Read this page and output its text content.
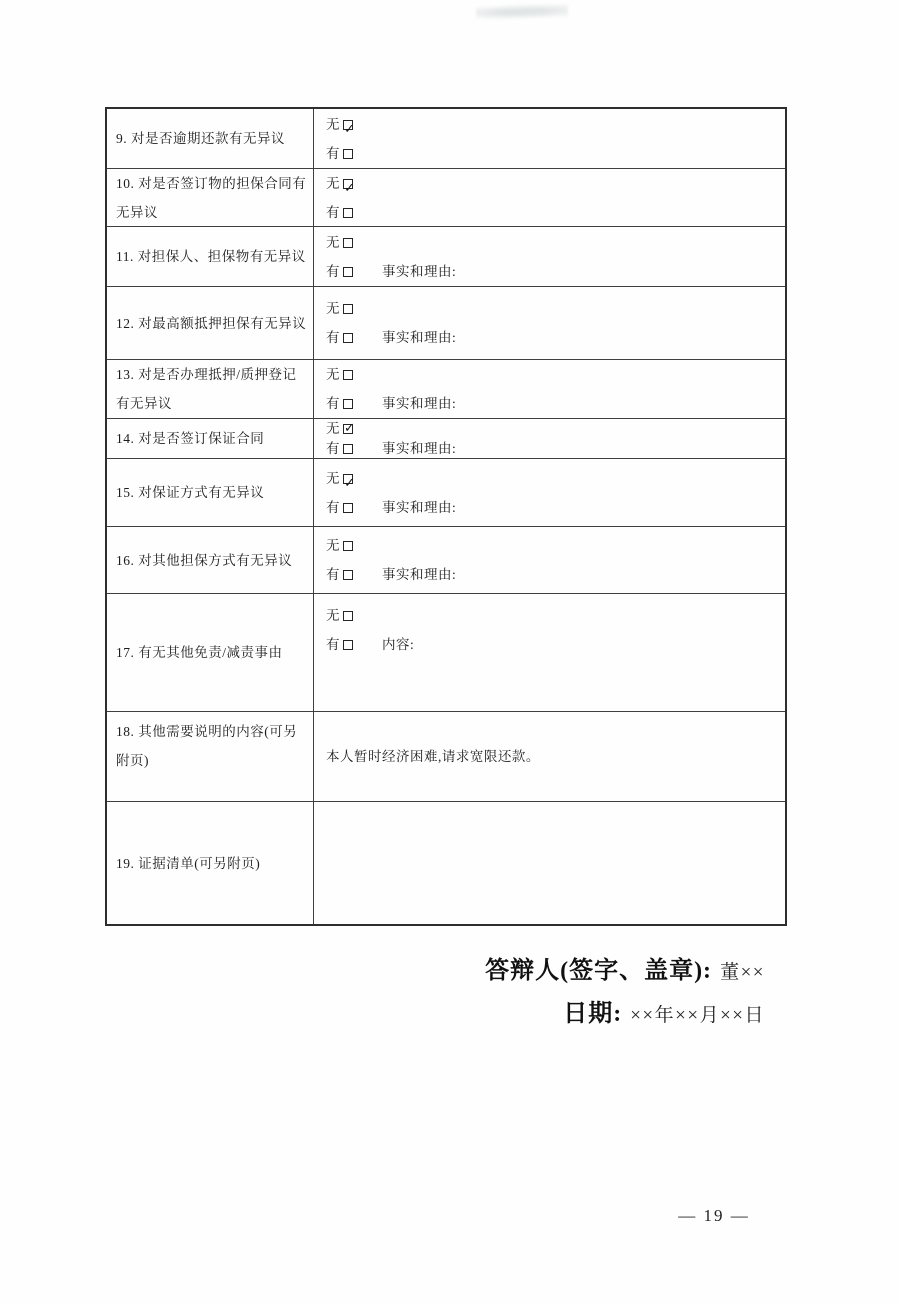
9. 对是否逾期还款有无异议
无✓
有
10. 对是否签订物的担保合同有无异议
无✓
有
11. 对担保人、担保物有无异议
无
有	事实和理由:
12. 对最高额抵押担保有无异议
无
有	事实和理由:
13. 对是否办理抵押/质押登记有无异议
无
有	事实和理由:
14. 对是否签订保证合同
无✓
有	事实和理由:
15. 对保证方式有无异议
无✓
有	事实和理由:
16. 对其他担保方式有无异议
无
有	事实和理由:
17. 有无其他免责/减责事由
无
有	内容:
18. 其他需要说明的内容(可另附页)	本人暂时经济困难,请求宽限还款。
19. 证据清单(可另附页)
答辩人(签字、盖章): 董××
日期: ××年××月××日
— 19 —
